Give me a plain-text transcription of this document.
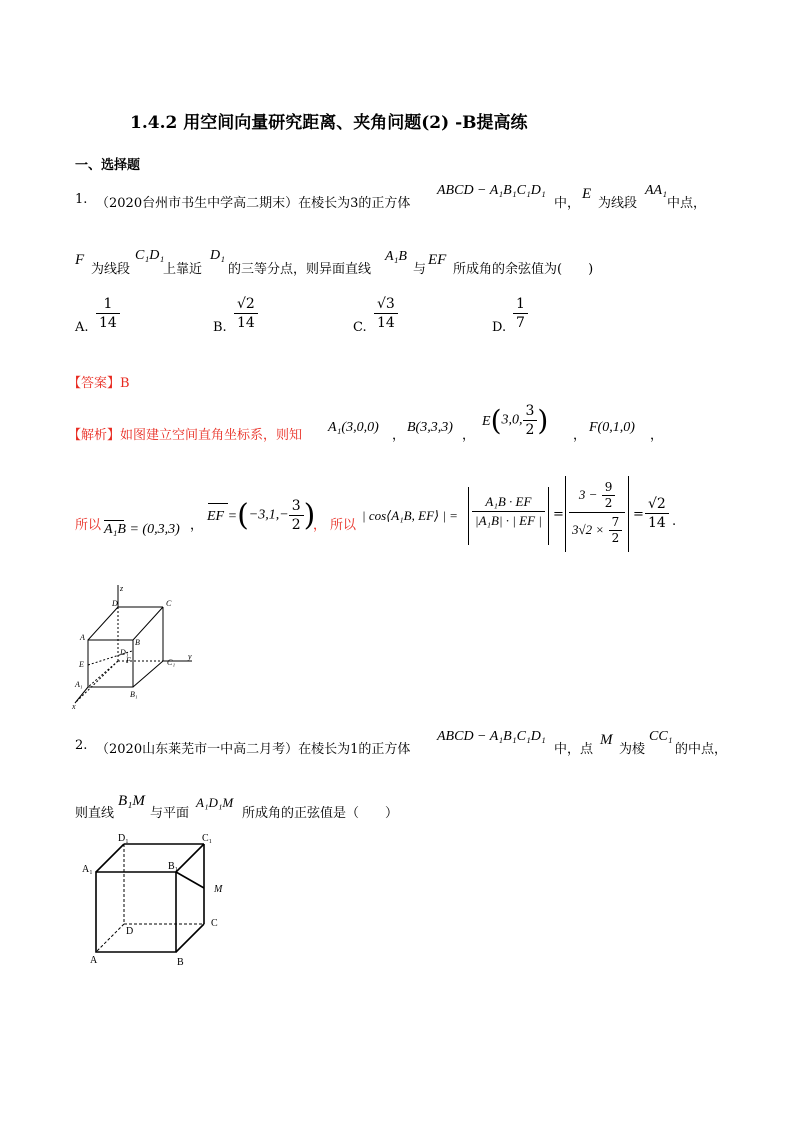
1.4.2 用空间向量研究距离、夹角问题(2) -B提高练
一、选择题
1. （2020台州市书生中学高二期末）在棱长为3的正方体
ABCD − A₁B₁C₁D₁
中，
E
为线段
AA₁
中点，
F
为线段
C₁D₁
上靠近
D₁
的三等分点，则异面直线
A₁B
与
EF
所成角的余弦值为(　　)
A. $\frac{1}{14}$	B. $\frac{√2}{14}$	C. $\frac{√3}{14}$	D. $\frac{1}{7}$
【答案】B
【解析】如图建立空间直角坐标系，则知
A₁(3,0,0)
，
B(3,3,3)
，
E(3,0, $\frac{3}{2}$ ) ，
F(0,1,0)
，
所以 A₁B = (0,3,3) ，
EF $=(-3,1,- \frac{3}{2}$ )
， 所以
| cos⟨A₁B, EF⟩ | = $\frac{\text{A₁B · EF}}{\text{|A₁B| · | EF |}} = \frac{3 - \frac{9}{2}}{3√2 \times \frac{7}{2}} = \frac{√2}{14}$ .
z
y
x
D	C
A
B
D₁
E	F	C₁
A₁
B₁
2. （2020山东莱芜市一中高二月考）在棱长为1的正方体
ABCD − A₁B₁C₁D₁
中，点
M
为棱
CC₁
的中点，
则直线
B₁M
与平面
A₁D₁M
所成角的正弦值是（　　）
D₁	C₁
A₁	B₁
M
C
D
A	B
